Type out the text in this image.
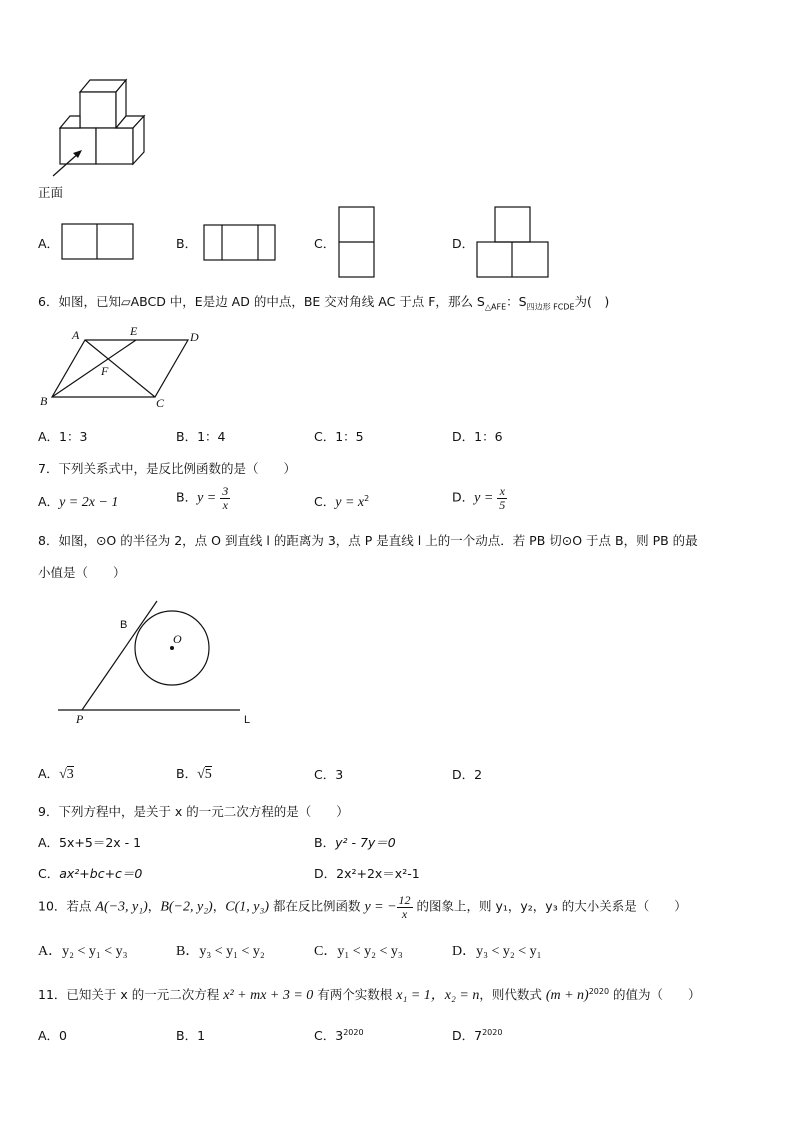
正面
A．	B．	C．	D．
6．如图，已知▱ABCD 中，E是边 AD 的中点，BE 交对角线 AC 于点 F，那么 $S_{\triangle AFE}$：$S_{四边形 FCDE}$为(　)
A	E	D
F
B	C
A．1：3	B．1：4	C．1：5	D．1：6
7．下列关系式中，是反比例函数的是（　　）
A．y = 2x − 1	B．$y = \frac{3}{x}$	C．$y = x^2$	D．$y = \frac{x}{5}$
8．如图，⊙O 的半径为 2，点 O 到直线 l 的距离为 3，点 P 是直线 l 上的一个动点．若 PB 切⊙O 于点 B，则 PB 的最
小值是（　　）
B
O
P	L
A．√3	B．√5	C．3	D．2
9．下列方程中，是关于 x 的一元二次方程的是（　　）
A．5x+5＝2x - 1	B．y² - 7y＝0
C．ax²+bc+c＝0	D．2x²+2x＝x²-1
10．若点 A(−3, y₁)，B(−2, y₂)，C(1, y₃) 都在反比例函数 y = − $\frac{12}{x}$ 的图象上，则 y₁，y₂，y₃ 的大小关系是（　　）
A．y₂ < y₁ < y₃	B．y₃ < y₁ < y₂	C．y₁ < y₂ < y₃	D．y₃ < y₂ < y₁
11．已知关于 x 的一元二次方程 x² + mx + 3 = 0 有两个实数根 x₁ = 1，x₂ = n，则代数式 $(m + n)^{2020}$ 的值为（　　）
A．0	B．1	C．$3^{2020}$	D．$7^{2020}$
